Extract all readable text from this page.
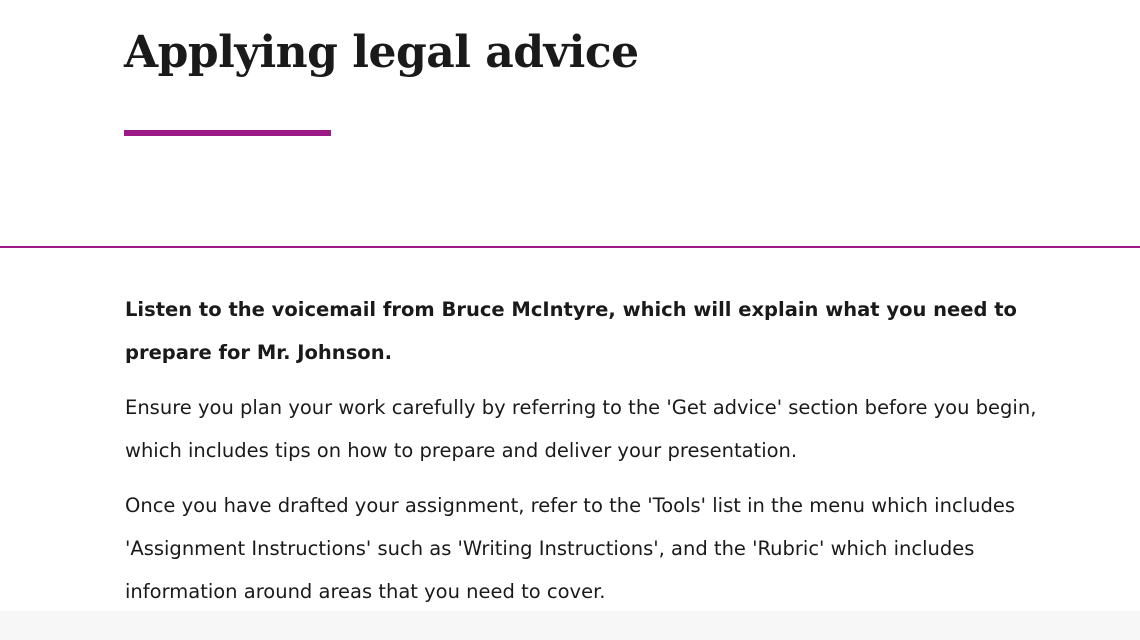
Applying legal advice

Listen to the voicemail from Bruce McIntyre, which will explain what you need to prepare for Mr. Johnson.

Ensure you plan your work carefully by referring to the 'Get advice' section before you begin, which includes tips on how to prepare and deliver your presentation.

Once you have drafted your assignment, refer to the 'Tools' list in the menu which includes 'Assignment Instructions' such as 'Writing Instructions', and the 'Rubric' which includes information around areas that you need to cover.
